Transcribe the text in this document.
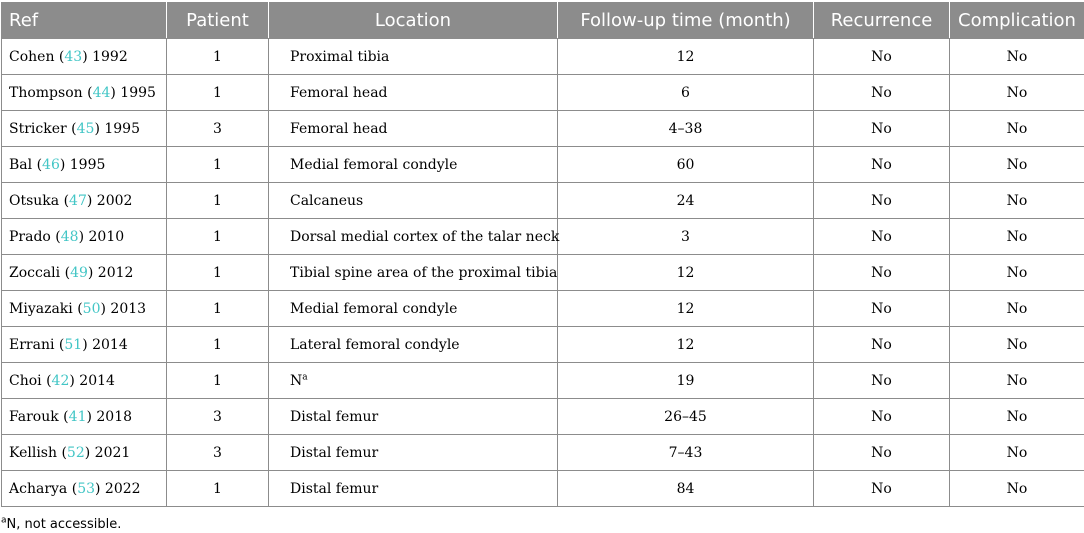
Ref	Patient	Location	Follow-up time (month)	Recurrence	Complication
Cohen (43) 1992	1	Proximal tibia	12	No	No
Thompson (44) 1995	1	Femoral head	6	No	No
Stricker (45) 1995	3	Femoral head	4–38	No	No
Bal (46) 1995	1	Medial femoral condyle	60	No	No
Otsuka (47) 2002	1	Calcaneus	24	No	No
Prado (48) 2010	1	Dorsal medial cortex of the talar neck	3	No	No
Zoccali (49) 2012	1	Tibial spine area of the proximal tibia	12	No	No
Miyazaki (50) 2013	1	Medial femoral condyle	12	No	No
Errani (51) 2014	1	Lateral femoral condyle	12	No	No
Choi (42) 2014	1	N$^a$	19	No	No
Farouk (41) 2018	3	Distal femur	26–45	No	No
Kellish (52) 2021	3	Distal femur	7–43	No	No
Acharya (53) 2022	1	Distal femur	84	No	No
$^a$N, not accessible.
